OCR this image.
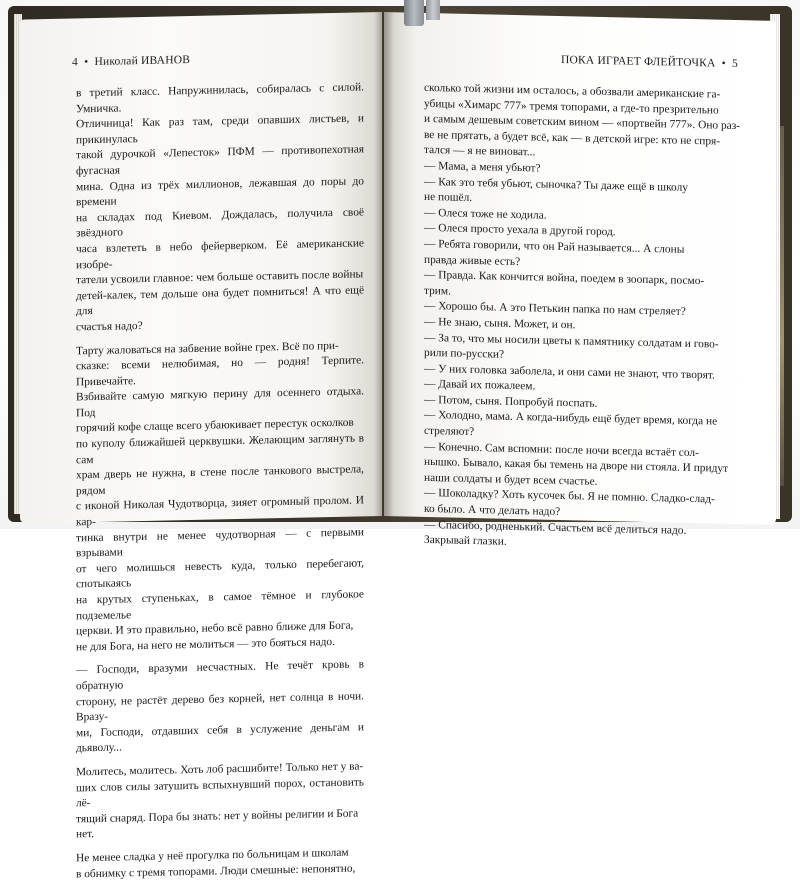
4 • Николай ИВАНОВ

в третий класс. Напружинилась, собиралась с силой. Умничка.

Отличница! Как раз там, среди опавших листьев, и прикинулась

такой дурочкой «Лепесток» ПФМ — противопехотная фугасная

мина. Одна из трёх миллионов, лежавшая до поры до времени

на складах под Киевом. Дождалась, получила своё звёздного

часа взлететь в небо фейерверком. Её американские изобре-

татели усвоили главное: чем больше оставить после войны

детей-калек, тем дольше она будет помниться! А что ещё для

счастья надо?

Тарту жаловаться на забвение войне грех. Всё по при-

сказке: всеми нелюбимая, но — родня! Терпите. Привечайте.

Взбивайте самую мягкую перину для осеннего отдыха. Под

горячий кофе слаще всего убаюкивает перестук осколков

по куполу ближайшей церквушки. Желающим заглянуть в сам

храм дверь не нужна, в стене после танкового выстрела, рядом

с иконой Николая Чудотворца, зияет огромный пролом. И кар-

тинка внутри не менее чудотворная — с первыми взрывами

от чего молишься невесть куда, только перебегают, спотыкаясь

на крутых ступеньках, в самое тёмное и глубокое подземелье

церкви. И это правильно, небо всё равно ближе для Бога,

не для Бога, на него не молиться — это бояться надо.

— Господи, вразуми несчастных. Не течёт кровь в обратную

сторону, не растёт дерево без корней, нет солнца в ночи. Вразу-

ми, Господи, отдавших себя в услужение деньгам и дьяволу...

Молитесь, молитесь. Хоть лоб расшибите! Только нет у ва-

ших слов силы затушить вспыхнувший порох, остановить лё-

тящий снаряд. Пора бы знать: нет у войны религии и Бога

нет.

Не менее сладка у неё прогулка по больницам и школам

в обнимку с тремя топорами. Люди смешные: непонятно,

ПОКА ИГРАЕТ ФЛЕЙТОЧКА • 5

сколько той жизни им осталось, а обозвали американские га-

убицы «Химарс 777» тремя топорами, а где-то презрительно

и самым дешевым советским вином — «портвейн 777». Оно раз-

ве не прятать, а будет всё, как — в детской игре: кто не спря-

тался — я не виноват...

— Мама, а меня убьют?

— Как это тебя убьют, сыночка? Ты даже ещё в школу

не пошёл.

— Олеся тоже не ходила.

— Олеся просто уехала в другой город.

— Ребята говорили, что он Рай называется... А слоны

правда живые есть?

— Правда. Как кончится война, поедем в зоопарк, посмо-

трим.

— Хорошо бы. А это Петькин папка по нам стреляет?

— Не знаю, сыня. Может, и он.

— За то, что мы носили цветы к памятнику солдатам и гово-

рили по-русски?

— У них головка заболела, и они сами не знают, что творят.

— Давай их пожалеем.

— Потом, сыня. Попробуй поспать.

— Холодно, мама. А когда-нибудь ещё будет время, когда не

стреляют?

— Конечно. Сам вспомни: после ночи всегда встаёт сол-

нышко. Бывало, какая бы темень на дворе ни стояла. И придут

наши солдаты и будет всем счастье.

— Шоколадку? Хоть кусочек бы. Я не помню. Сладко-слад-

ко было. А что делать надо?

— Спасибо, родненький. Счастьем всё делиться надо.

Закрывай глазки.
